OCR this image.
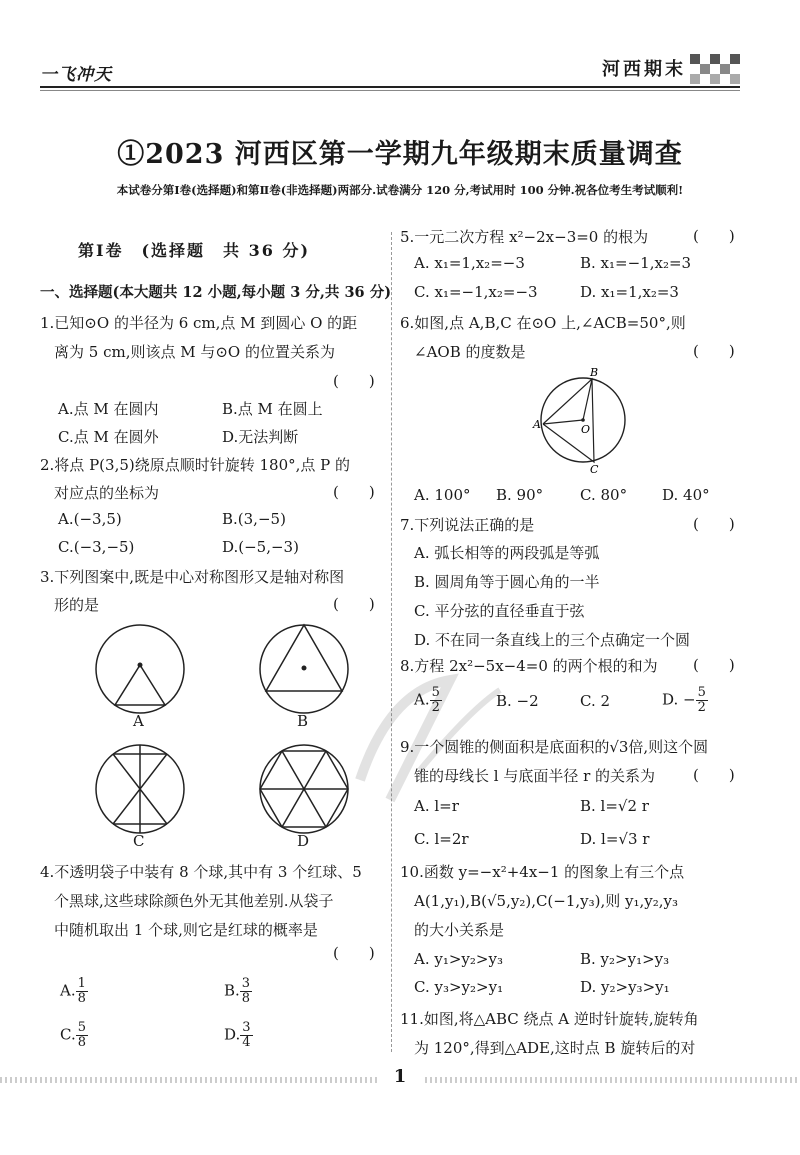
一飞冲天	河西期末
①2023 河西区第一学期九年级期末质量调查
本试卷分第Ⅰ卷(选择题)和第Ⅱ卷(非选择题)两部分.试卷满分 120 分,考试用时 100 分钟.祝各位考生考试顺利!
第Ⅰ卷　(选择题　共 36 分)
一、选择题(本大题共 12 小题,每小题 3 分,共 36 分)
1.已知⊙O 的半径为 6 cm,点 M 到圆心 O 的距
离为 5 cm,则该点 M 与⊙O 的位置关系为
(　　)
A.点 M 在圆内	B.点 M 在圆上
C.点 M 在圆外	D.无法判断
2.将点 P(3,5)绕原点顺时针旋转 180°,点 P 的
对应点的坐标为	(　　)
A.(−3,5)	B.(3,−5)
C.(−3,−5)	D.(−5,−3)
3.下列图案中,既是中心对称图形又是轴对称图
形的是	(　　)
A	B
C	D
4.不透明袋子中装有 8 个球,其中有 3 个红球、5
个黑球,这些球除颜色外无其他差别.从袋子
中随机取出 1 个球,则它是红球的概率是
(　　)
A. $\frac{1}{8}$	B. $\frac{3}{8}$
C. $\frac{5}{8}$	D. $\frac{3}{4}$
5.一元二次方程 x²−2x−3=0 的根为	(　　)
A. x₁=1,x₂=−3	B. x₁=−1,x₂=3
C. x₁=−1,x₂=−3	D. x₁=1,x₂=3
6.如图,点 A,B,C 在⊙O 上,∠ACB=50°,则
∠AOB 的度数是	(　　)
A
B
C
O
A. 100° B. 90° C. 80° D. 40°
7.下列说法正确的是	(　　)
A. 弧长相等的两段弧是等弧
B. 圆周角等于圆心角的一半
C. 平分弦的直径垂直于弦
D. 不在同一条直线上的三个点确定一个圆
8.方程 2x²−5x−4=0 的两个根的和为 (　　)
A. $\frac{5}{2}$	B. −2	C. 2	D. − $\frac{5}{2}$
9.一个圆锥的侧面积是底面积的√3倍,则这个圆
锥的母线长 l 与底面半径 r 的关系为	(　　)
A. l=r	B. l=√2 r
C. l=2r	D. l=√3 r
10.函数 y=−x²+4x−1 的图象上有三个点
A(1,y₁),B(√5,y₂),C(−1,y₃),则 y₁,y₂,y₃
的大小关系是
A. y₁>y₂>y₃	B. y₂>y₁>y₃
C. y₃>y₂>y₁	D. y₂>y₃>y₁
11.如图,将△ABC 绕点 A 逆时针旋转,旋转角
为 120°,得到△ADE,这时点 B 旋转后的对
1
